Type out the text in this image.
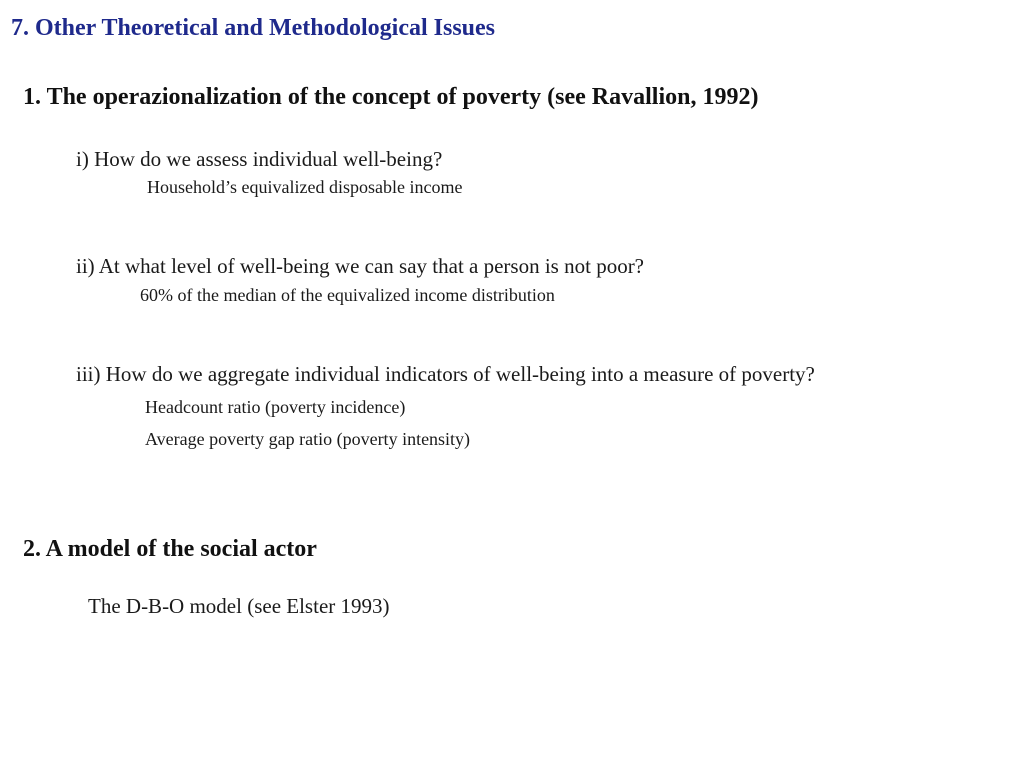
7. Other Theoretical and Methodological Issues
1. The operazionalization of the concept of poverty (see Ravallion, 1992)
i) How do we assess individual well-being?
Household’s equivalized disposable income
ii) At what level of well-being we can say that a person is not poor?
60% of the median of the equivalized income distribution
iii) How do we aggregate individual indicators of well-being into a measure of poverty?
Headcount ratio (poverty incidence)
Average poverty gap ratio (poverty intensity)
2. A model of the social actor
The D-B-O model (see Elster 1993)
